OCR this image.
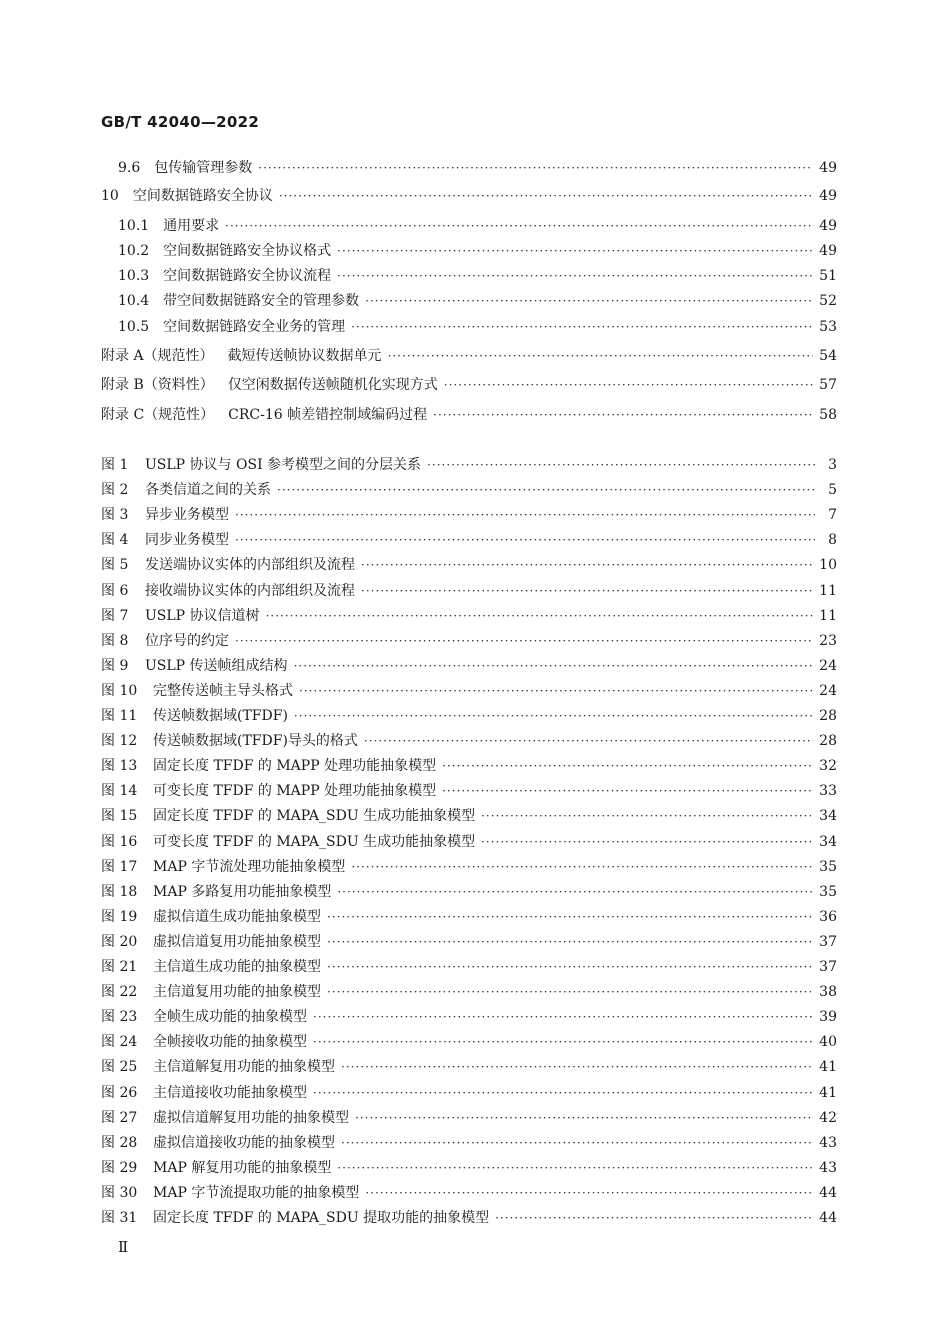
GB/T 42040—2022
9.6 包传输管理参数 ·····	49
10 空间数据链路安全协议 ·····	49
10.1 通用要求 ·····	49
10.2 空间数据链路安全协议格式 ·····	49
10.3 空间数据链路安全协议流程 ·····	51
10.4 带空间数据链路安全的管理参数 ·····	52
10.5 空间数据链路安全业务的管理 ·····	53
附录 A（规范性） 截短传送帧协议数据单元 ·····	54
附录 B（资料性） 仅空闲数据传送帧随机化实现方式 ·····	57
附录 C（规范性） CRC-16 帧差错控制域编码过程 ·····	58
图 1 USLP 协议与 OSI 参考模型之间的分层关系 ·····	3
图 2 各类信道之间的关系 ·····	5
图 3 异步业务模型 ·····	7
图 4 同步业务模型 ·····	8
图 5 发送端协议实体的内部组织及流程 ·····	10
图 6 接收端协议实体的内部组织及流程 ·····	11
图 7 USLP 协议信道树 ·····	11
图 8 位序号的约定 ·····	23
图 9 USLP 传送帧组成结构 ·····	24
图 10 完整传送帧主导头格式 ·····	24
图 11 传送帧数据域(TFDF) ·····	28
图 12 传送帧数据域(TFDF)导头的格式 ·····	28
图 13 固定长度 TFDF 的 MAPP 处理功能抽象模型 ·····	32
图 14 可变长度 TFDF 的 MAPP 处理功能抽象模型 ·····	33
图 15 固定长度 TFDF 的 MAPA_SDU 生成功能抽象模型 ·····	34
图 16 可变长度 TFDF 的 MAPA_SDU 生成功能抽象模型 ·····	34
图 17 MAP 字节流处理功能抽象模型 ·····	35
图 18 MAP 多路复用功能抽象模型 ·····	35
图 19 虚拟信道生成功能抽象模型 ·····	36
图 20 虚拟信道复用功能抽象模型 ·····	37
图 21 主信道生成功能的抽象模型 ·····	37
图 22 主信道复用功能的抽象模型 ·····	38
图 23 全帧生成功能的抽象模型 ·····	39
图 24 全帧接收功能的抽象模型 ·····	40
图 25 主信道解复用功能的抽象模型 ·····	41
图 26 主信道接收功能抽象模型 ·····	41
图 27 虚拟信道解复用功能的抽象模型 ·····	42
图 28 虚拟信道接收功能的抽象模型 ·····	43
图 29 MAP 解复用功能的抽象模型 ·····	43
图 30 MAP 字节流提取功能的抽象模型 ·····	44
图 31 固定长度 TFDF 的 MAPA_SDU 提取功能的抽象模型 ·····	44
Ⅱ
